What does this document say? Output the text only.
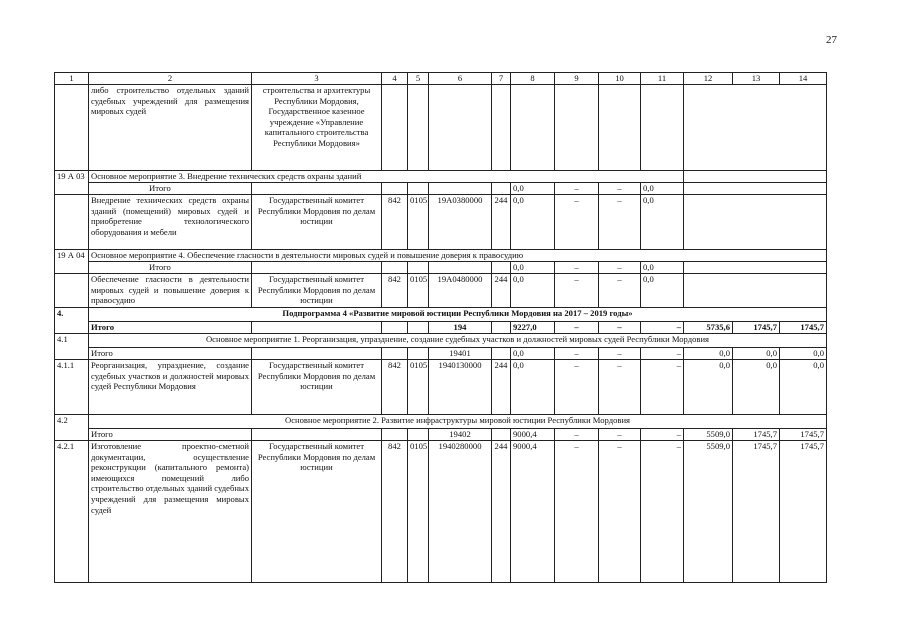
27
1	2	3	4	5	6	7	8	9	10	11	12	13	14
	либо строительство отдельных зданий судебных учреждений для размещения мировых судей	строительства и архитектуры Республики Мордовия, Государственное казенное учреждение «Управление капитального строительства Республики Мордовия»											
19 А 03	Основное мероприятие 3. Внедрение технических средств охраны зданий												
	Итого						0,0	–	–	0,0			
	Внедрение технических средств охраны зданий (помещений) мировых судей и приобретение технологического оборудования и мебели	Государственный комитет Республики Мордовия по делам юстиции	842	0105	19А0380000	244	0,0	–	–	0,0			
19 А 04	Основное мероприятие 4. Обеспечение гласности в деятельности мировых судей и повышение доверия к правосудию												
	Итого						0,0	–	–	0,0			
	Обеспечение гласности в деятельности мировых судей и повышение доверия к правосудию	Государственный комитет Республики Мордовия по делам юстиции	842	0105	19А0480000	244	0,0	–	–	0,0			
4.	Подпрограмма 4 «Развитие мировой юстиции Республики Мордовия на 2017 – 2019 годы»												
	Итого				194		9227,0	–	–	–	5735,6	1745,7	1745,7
4.1	Основное мероприятие 1. Реорганизация, упразднение, создание судебных участков и должностей мировых судей Республики Мордовия												
	Итого				19401		0,0	–	–	–	0,0	0,0	0,0
4.1.1	Реорганизация, упразднение, создание судебных участков и должностей мировых судей Республики Мордовия	Государственный комитет Республики Мордовия по делам юстиции	842	0105	1940130000	244	0,0	–	–	–	0,0	0,0	0,0
4.2	Основное мероприятие 2. Развитие инфраструктуры мировой юстиции Республики Мордовия												
	Итого				19402		9000,4	–	–	–	5509,0	1745,7	1745,7
4.2.1	Изготовление проектно-сметной документации, осуществление реконструкции (капитального ремонта) имеющихся помещений либо строительство отдельных зданий судебных учреждений для размещения мировых судей	Государственный комитет Республики Мордовия по делам юстиции	842	0105	1940280000	244	9000,4	–	–	–	5509,0	1745,7	1745,7
